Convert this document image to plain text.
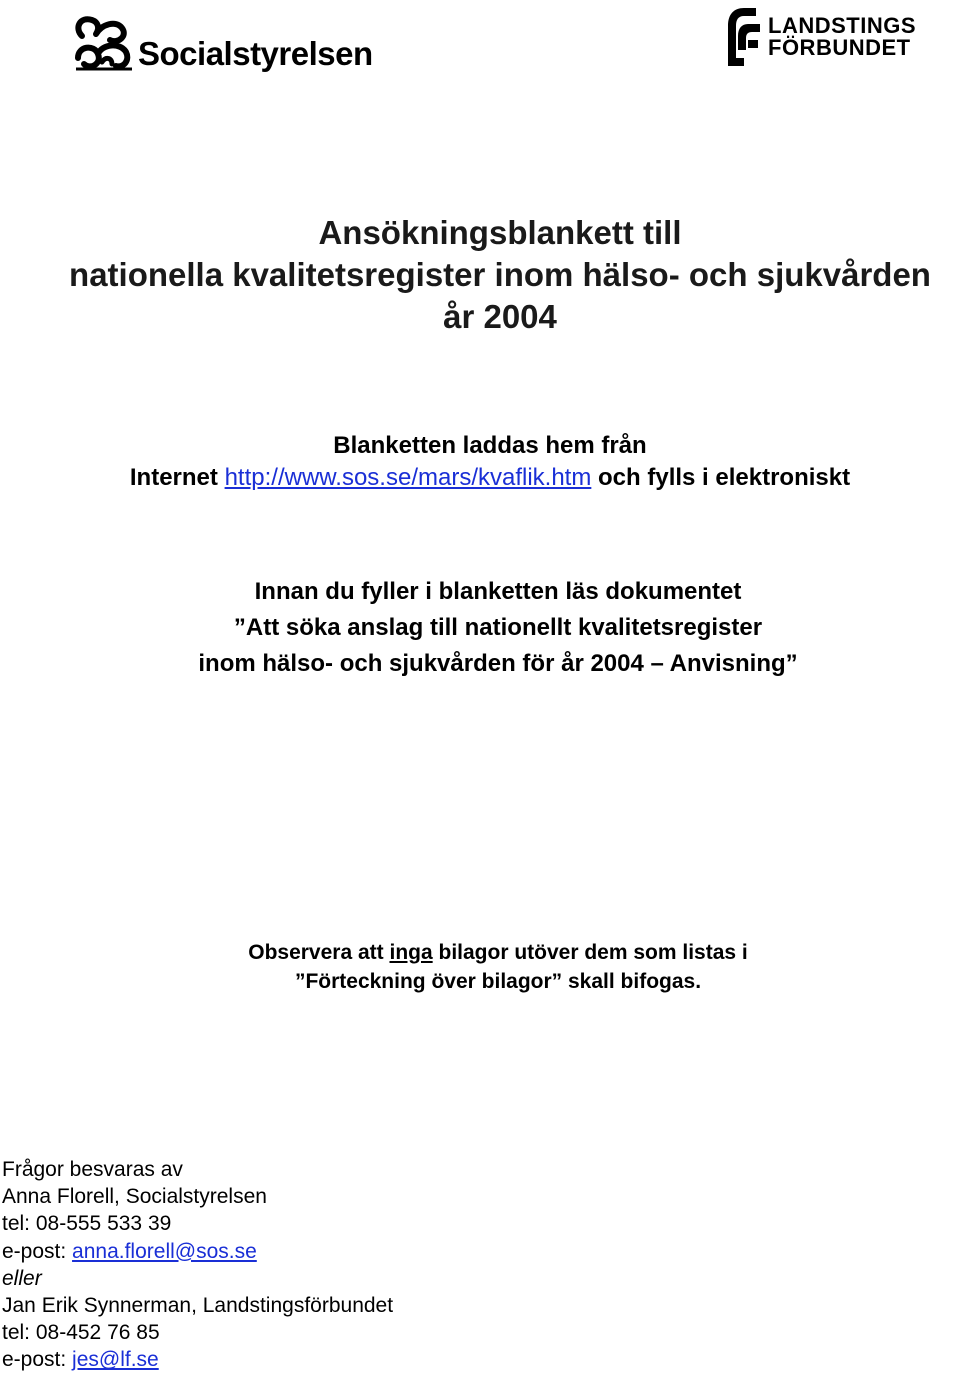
Socialstyrelsen
LANDSTINGS
FÖRBUNDET
Ansökningsblankett till
nationella kvalitetsregister inom hälso- och sjukvården
år 2004
Blanketten laddas hem från
Internet http://www.sos.se/mars/kvaflik.htm och fylls i elektroniskt
Innan du fyller i blanketten läs dokumentet
”Att söka anslag till nationellt kvalitetsregister
inom hälso- och sjukvården för år 2004 – Anvisning”
Observera att inga bilagor utöver dem som listas i
”Förteckning över bilagor” skall bifogas.
Frågor besvaras av
Anna Florell, Socialstyrelsen
tel: 08-555 533 39
e-post: anna.florell@sos.se
eller
Jan Erik Synnerman, Landstingsförbundet
tel: 08-452 76 85
e-post: jes@lf.se
